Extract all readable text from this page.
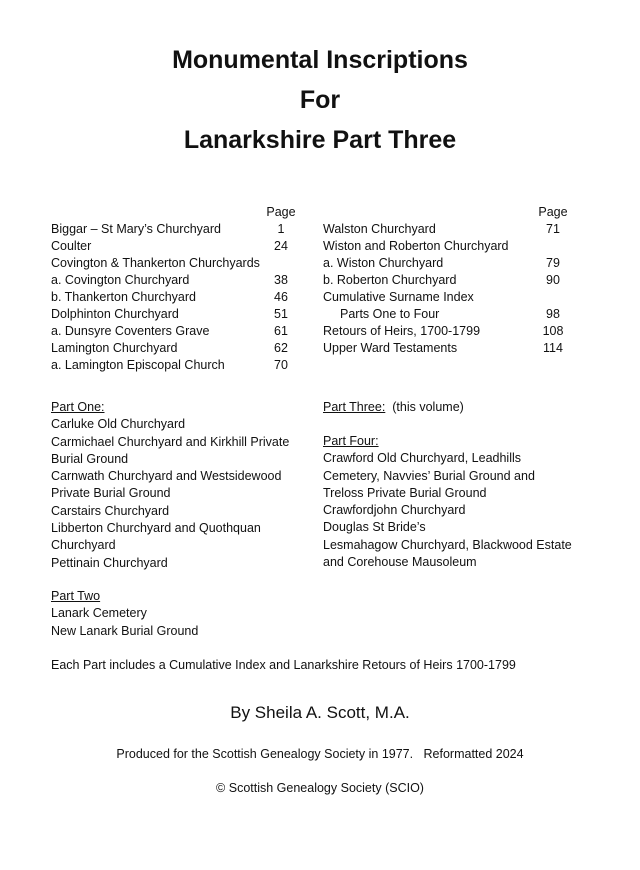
Monumental Inscriptions
For
Lanarkshire Part Three
Page
Biggar – St Mary’s Churchyard	1
Coulter	24
Covington & Thankerton Churchyards
a. Covington Churchyard	38
b. Thankerton Churchyard	46
Dolphinton Churchyard	51
a. Dunsyre Coventers Grave	61
Lamington Churchyard	62
a. Lamington Episcopal Church	70
Page
Walston Churchyard	71
Wiston and Roberton Churchyard
a. Wiston Churchyard	79
b. Roberton Churchyard	90
Cumulative Surname Index
Parts One to Four	98
Retours of Heirs, 1700-1799	108
Upper Ward Testaments	114
Part One:
Carluke Old Churchyard
Carmichael Churchyard and Kirkhill Private
Burial Ground
Carnwath Churchyard and Westsidewood
Private Burial Ground
Carstairs Churchyard
Libberton Churchyard and Quothquan
Churchyard
Pettinain Churchyard
Part Two
Lanark Cemetery
New Lanark Burial Ground
Part Three:  (this volume)
Part Four:
Crawford Old Churchyard, Leadhills
Cemetery, Navvies’ Burial Ground and
Treloss Private Burial Ground
Crawfordjohn Churchyard
Douglas St Bride’s
Lesmahagow Churchyard, Blackwood Estate
and Corehouse Mausoleum
Each Part includes a Cumulative Index and Lanarkshire Retours of Heirs 1700-1799
By Sheila A. Scott, M.A.
Produced for the Scottish Genealogy Society in 1977.   Reformatted 2024
© Scottish Genealogy Society (SCIO)
